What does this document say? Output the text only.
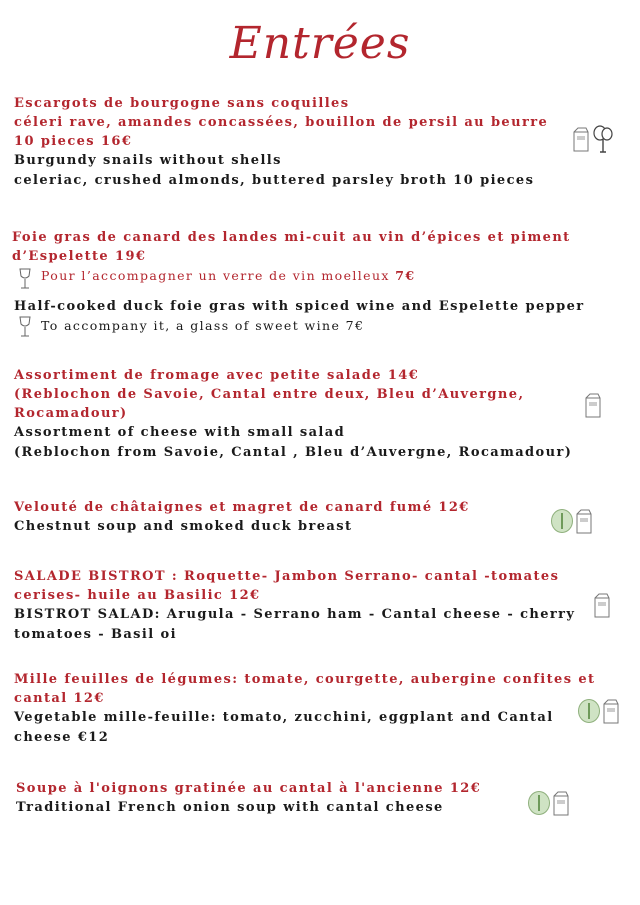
Entrées
Escargots de bourgogne sans coquilles
céleri rave, amandes concassées, bouillon de persil au beurre
10 pieces 16€
Burgundy snails without shells
celeriac, crushed almonds, buttered parsley broth 10 pieces
Foie gras de canard des landes mi-cuit au vin d’épices et piment
d’Espelette 19€
Pour l’accompagner un verre de vin moelleux 7€
Half-cooked duck foie gras with spiced wine and Espelette pepper
To accompany it, a glass of sweet wine 7€
Assortiment de fromage avec petite salade 14€
(Reblochon de Savoie, Cantal entre deux, Bleu d’Auvergne,
Rocamadour)
Assortment of cheese with small salad
(Reblochon from Savoie, Cantal , Bleu d’Auvergne, Rocamadour)
Velouté de châtaignes et magret de canard fumé 12€
Chestnut soup and smoked duck breast
SALADE BISTROT : Roquette- Jambon Serrano- cantal -tomates
cerises- huile au Basilic 12€
BISTROT SALAD: Arugula - Serrano ham - Cantal cheese - cherry
tomatoes - Basil oi
Mille feuilles de légumes: tomate, courgette, aubergine confites et
cantal 12€
Vegetable mille-feuille: tomato, zucchini, eggplant and Cantal
cheese €12
Soupe à l'oignons gratinée au cantal à l'ancienne 12€
Traditional French onion soup with cantal cheese
